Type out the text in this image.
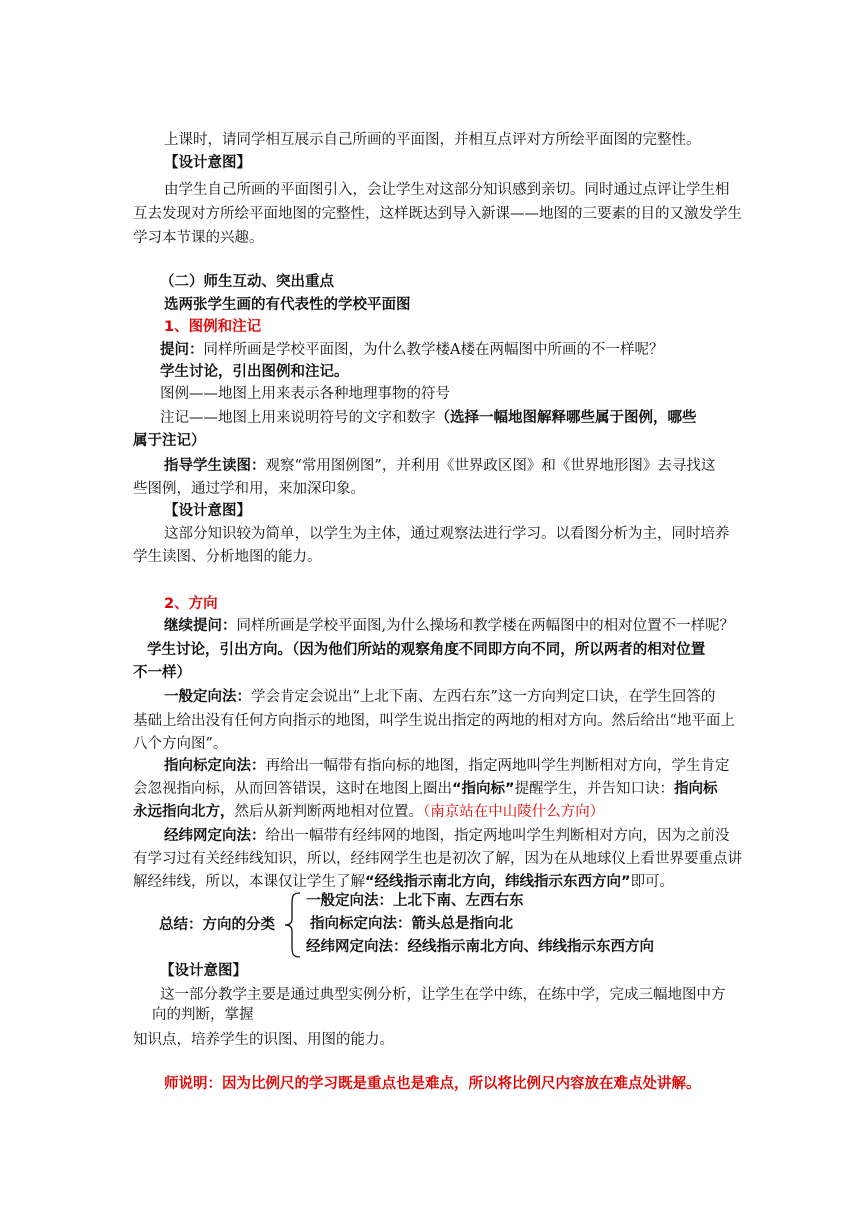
上课时，请同学相互展示自己所画的平面图，并相互点评对方所绘平面图的完整性。
【设计意图】
由学生自己所画的平面图引入，会让学生对这部分知识感到亲切。同时通过点评让学生相
互去发现对方所绘平面地图的完整性，这样既达到导入新课——地图的三要素的目的又激发学生
学习本节课的兴趣。
（二）师生互动、突出重点
选两张学生画的有代表性的学校平面图
1、图例和注记
提问：同样所画是学校平面图，为什么教学楼A楼在两幅图中所画的不一样呢？
学生讨论，引出图例和注记。
图例——地图上用来表示各种地理事物的符号
注记——地图上用来说明符号的文字和数字（选择一幅地图解释哪些属于图例，哪些
属于注记）
指导学生读图：观察“常用图例图”，并利用《世界政区图》和《世界地形图》去寻找这
些图例，通过学和用，来加深印象。
【设计意图】
这部分知识较为简单，以学生为主体，通过观察法进行学习。以看图分析为主，同时培养
学生读图、分析地图的能力。
2、方向
继续提问：同样所画是学校平面图,为什么操场和教学楼在两幅图中的相对位置不一样呢？
学生讨论，引出方向。（因为他们所站的观察角度不同即方向不同，所以两者的相对位置
不一样）
一般定向法：学会肯定会说出“上北下南、左西右东”这一方向判定口诀，在学生回答的
基础上给出没有任何方向指示的地图，叫学生说出指定的两地的相对方向。然后给出“地平面上
八个方向图”。
指向标定向法：再给出一幅带有指向标的地图，指定两地叫学生判断相对方向，学生肯定
会忽视指向标，从而回答错误，这时在地图上圈出“指向标”提醒学生，并告知口诀：指向标
永远指向北方，然后从新判断两地相对位置。（南京站在中山陵什么方向）
经纬网定向法：给出一幅带有经纬网的地图，指定两地叫学生判断相对方向，因为之前没
有学习过有关经纬线知识，所以，经纬网学生也是初次了解，因为在从地球仪上看世界要重点讲
解经纬线，所以，本课仅让学生了解“经线指示南北方向，纬线指示东西方向”即可。
总结：方向的分类
一般定向法：上北下南、左西右东
指向标定向法：箭头总是指向北
经纬网定向法：经线指示南北方向、纬线指示东西方向
【设计意图】
这一部分教学主要是通过典型实例分析，让学生在学中练，在练中学，完成三幅地图中方
向的判断，掌握
知识点，培养学生的识图、用图的能力。
师说明：因为比例尺的学习既是重点也是难点，所以将比例尺内容放在难点处讲解。
